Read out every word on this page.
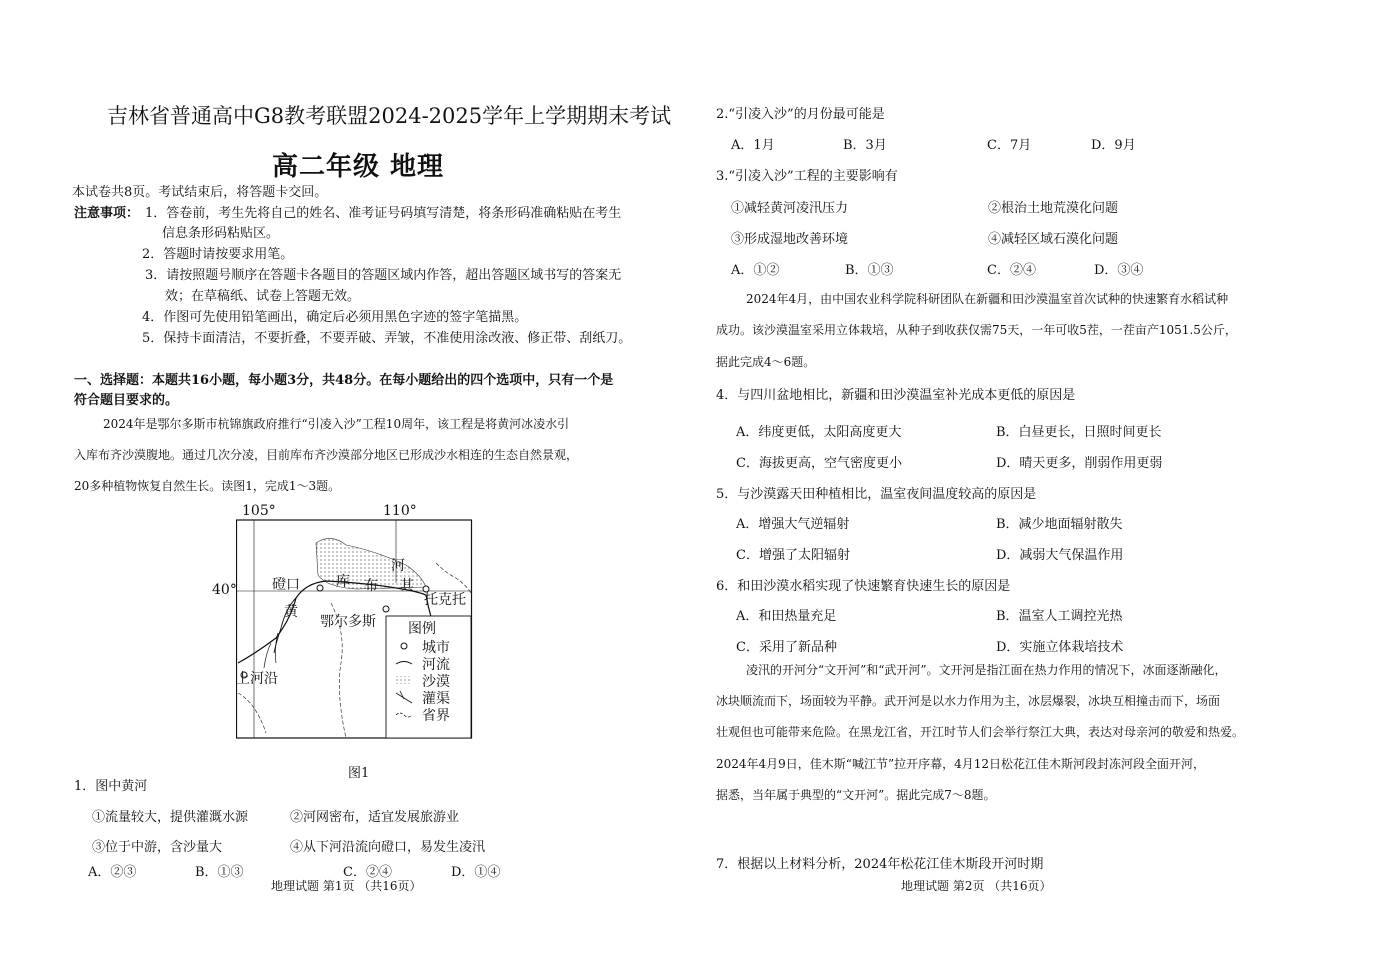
吉林省普通高中G8教考联盟2024-2025学年上学期期末考试
高二年级 地理
本试卷共8页。考试结束后，将答题卡交回。
注意事项： 1．答卷前，考生先将自己的姓名、准考证号码填写清楚，将条形码准确粘贴在考生
信息条形码粘贴区。
2．答题时请按要求用笔。
3．请按照题号顺序在答题卡各题目的答题区域内作答，超出答题区域书写的答案无
效；在草稿纸、试卷上答题无效。
4．作图可先使用铅笔画出，确定后必须用黑色字迹的签字笔描黑。
5．保持卡面清洁，不要折叠，不要弄破、弄皱，不准使用涂改液、修正带、刮纸刀。
一、选择题：本题共16小题，每小题3分，共48分。在每小题给出的四个选项中，只有一个是
符合题目要求的。
2024年是鄂尔多斯市杭锦旗政府推行“引凌入沙”工程10周年，该工程是将黄河冰凌水引
入库布齐沙漠腹地。通过几次分凌，目前库布齐沙漠部分地区已形成沙水相连的生态自然景观，
20多种植物恢复自然生长。读图1，完成1～3题。
105°	110°
磴口	库 布 其
河
黄
托克托
鄂尔多斯
上河沿
图例
城市
河流
沙漠
灌渠
省界
40°
图1
1．图中黄河
①流量较大，提供灌溉水源	②河网密布，适宜发展旅游业
③位于中游，含沙量大	④从下河沿流向磴口，易发生凌汛
A．②③	B．①③	C．②④	D．①④
地理试题 第1页 （共16页）
2.“引凌入沙”的月份最可能是
A．1月	B．3月	C．7月	D．9月
3.“引凌入沙”工程的主要影响有
①减轻黄河凌汛压力	②根治土地荒漠化问题
③形成湿地改善环境	④减轻区域石漠化问题
A．①②	B．①③	C．②④	D．③④
2024年4月，由中国农业科学院科研团队在新疆和田沙漠温室首次试种的快速繁育水稻试种
成功。该沙漠温室采用立体栽培，从种子到收获仅需75天，一年可收5茬，一茬亩产1051.5公斤，
据此完成4～6题。
4．与四川盆地相比，新疆和田沙漠温室补光成本更低的原因是
A．纬度更低，太阳高度更大	B．白昼更长，日照时间更长
C．海拔更高，空气密度更小	D．晴天更多，削弱作用更弱
5．与沙漠露天田种植相比，温室夜间温度较高的原因是
A．增强大气逆辐射	B．减少地面辐射散失
C．增强了太阳辐射	D．减弱大气保温作用
6．和田沙漠水稻实现了快速繁育快速生长的原因是
A．和田热量充足	B．温室人工调控光热
C．采用了新品种	D．实施立体栽培技术
凌汛的开河分“文开河”和“武开河”。文开河是指江面在热力作用的情况下，冰面逐渐融化，
冰块顺流而下，场面较为平静。武开河是以水力作用为主，冰层爆裂，冰块互相撞击而下，场面
壮观但也可能带来危险。在黑龙江省，开江时节人们会举行祭江大典，表达对母亲河的敬爱和热爱。
2024年4月9日，佳木斯“喊江节”拉开序幕，4月12日松花江佳木斯河段封冻河段全面开河，
据悉，当年属于典型的“文开河”。据此完成7～8题。
7．根据以上材料分析，2024年松花江佳木斯段开河时期
地理试题 第2页 （共16页）
